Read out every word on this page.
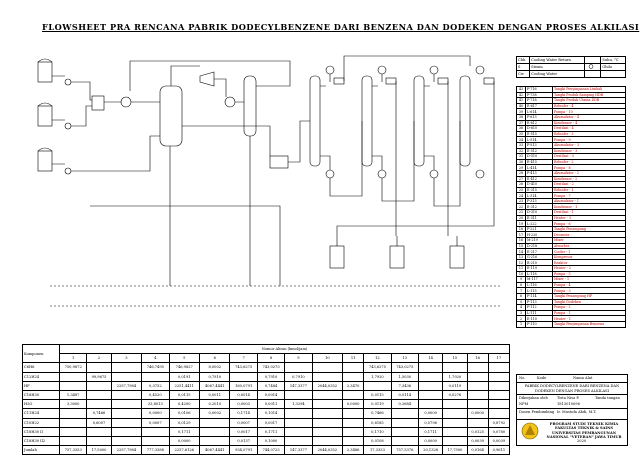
FLOWSHEET PRA RENCANA PABRIK DODECYLBENZENE DARI BENZENA DAN DODEKEN DENGAN PROSES ALKILASI
Chk	Cooling Water Return		Suhu, °C
S	Steam		Ghilo
Cw	Cooling Water		
43	F-716	Tangki Penyimpanan Limbah
42	F-738	Tangki Produk Samping HDB
41	F-718	Tangki Produk Utama DDB
40	E-617	Reboiler - 4
39	L-614	Pompa - 10
38	F-613	Akumulator - 4
37	E-612	Kondensor - 4
36	D-610	Destilasi - 4
35	E-515	Reboiler - 3
34	L-514	Pompa - 9
33	F-513	Akumulator - 3
32	E-512	Kondensor - 3
31	D-510	Destilasi - 3
30	E-415	Reboiler - 2
29	L-414	Pompa - 8
28	F-413	Akumulator - 2
27	E-412	Kondensor - 2
26	D-410	Destilasi - 2
25	E-315	Reboiler - 1
24	L-314	Pompa - 7
23	F-313	Akumulator - 1
22	E-312	Kondensor - 1
21	D-310	Destilasi - 1
20	E-311	Heater - 3
19	L-222	Pompa - 6
18	F-221	Tangki Penampung
17	H-220	Decanter
16	M-219	Mixer
15	D-218	Absorber
14	E-217	Cooler - 1
13	G-216	Kompresor
12	R-210	Reaktor
11	E-119	Heater - 2
10	L-118	Pompa - 5
9	M-117	Mixer - 1
8	L-116	Pompa - 4
7	L-115	Pompa - 3
6	F-114	Tangki Penampung HF
5	F-113	Tangki Dodeken
4	F-112	Pompa - 2
3	L-111	Pompa - 1
2	E-110	Heater - 1
1	F-110	Tangki Penyimpanan Benzena
Komponen	Nomor Aliran (kmol/jam)																
	1	2	3	4	5	6	7	8	9	10	11	12	13	14	15	16	17
C6H6	750,9872			746,7495	746,9827	8,0002	743,6275	743,0275				743,6275	743,0275				
C12H24		99,9675			0,0191	0,7910		0,7910	0,7910			1,7920	1,5030		1,7920		
HF			2257,7984	0,3752	2251,4411	4067,4441	160,0791	0,7484	147,3377	2044,0352	2,3470		7,3436		0,0119		
C18H30	1,3487			0,4520	0,0115	0,0011	0,0014	0,0014				0,0115	0,0114		0,0276		
H2O	3,3000			33,8013	0,4200	0,2010	0,0003	0,0011	1,3294		0,0000	0,0119	0,2684				
C11H24		0,7466		0,0000	0,0106	0,0002	0,1714	0,1014				0,7466		0,0000		0,0000	
C10H22		0,6007		0,0007	0,0129		0,0007	0,0017				0,6185		0,5796			0,8792
C18H30 Il					0,1711		0,0017	0,1711				0,1710		0,1711		0,0125	0,0780
C18H30 Il2					0,0000		0,0137	0,1000				0,0108		0,0000		0,0039	0,0039
Jumlah	757,3353	17,5000	2257,7984	777,3388	2257,6126	4067,4441	934,0791	744,0725	147,3377	2044,0352	2,3486	17,3353	757,5376	20,1328	17,7500	0,0164	0,9611
No.	Kode	Nama Alat
PABRIK DODECYLBENZENE DARI BENZENA DAN DODEKEN DENGAN PROSES ALKILASI
Dikerjakan oleh	Tirta Nisa P.	Tanda tangan
NPM	1813010096
Dosen Pembimbing Ir. Mustofa Abdi, M.T.
PROGRAM STUDI TEKNIK KIMIA FAKULTAS TEKNIK & SAINS UNIVERSITAS PEMBANGUNAN NASIONAL "VETERAN" JAWA TIMUR
2020
